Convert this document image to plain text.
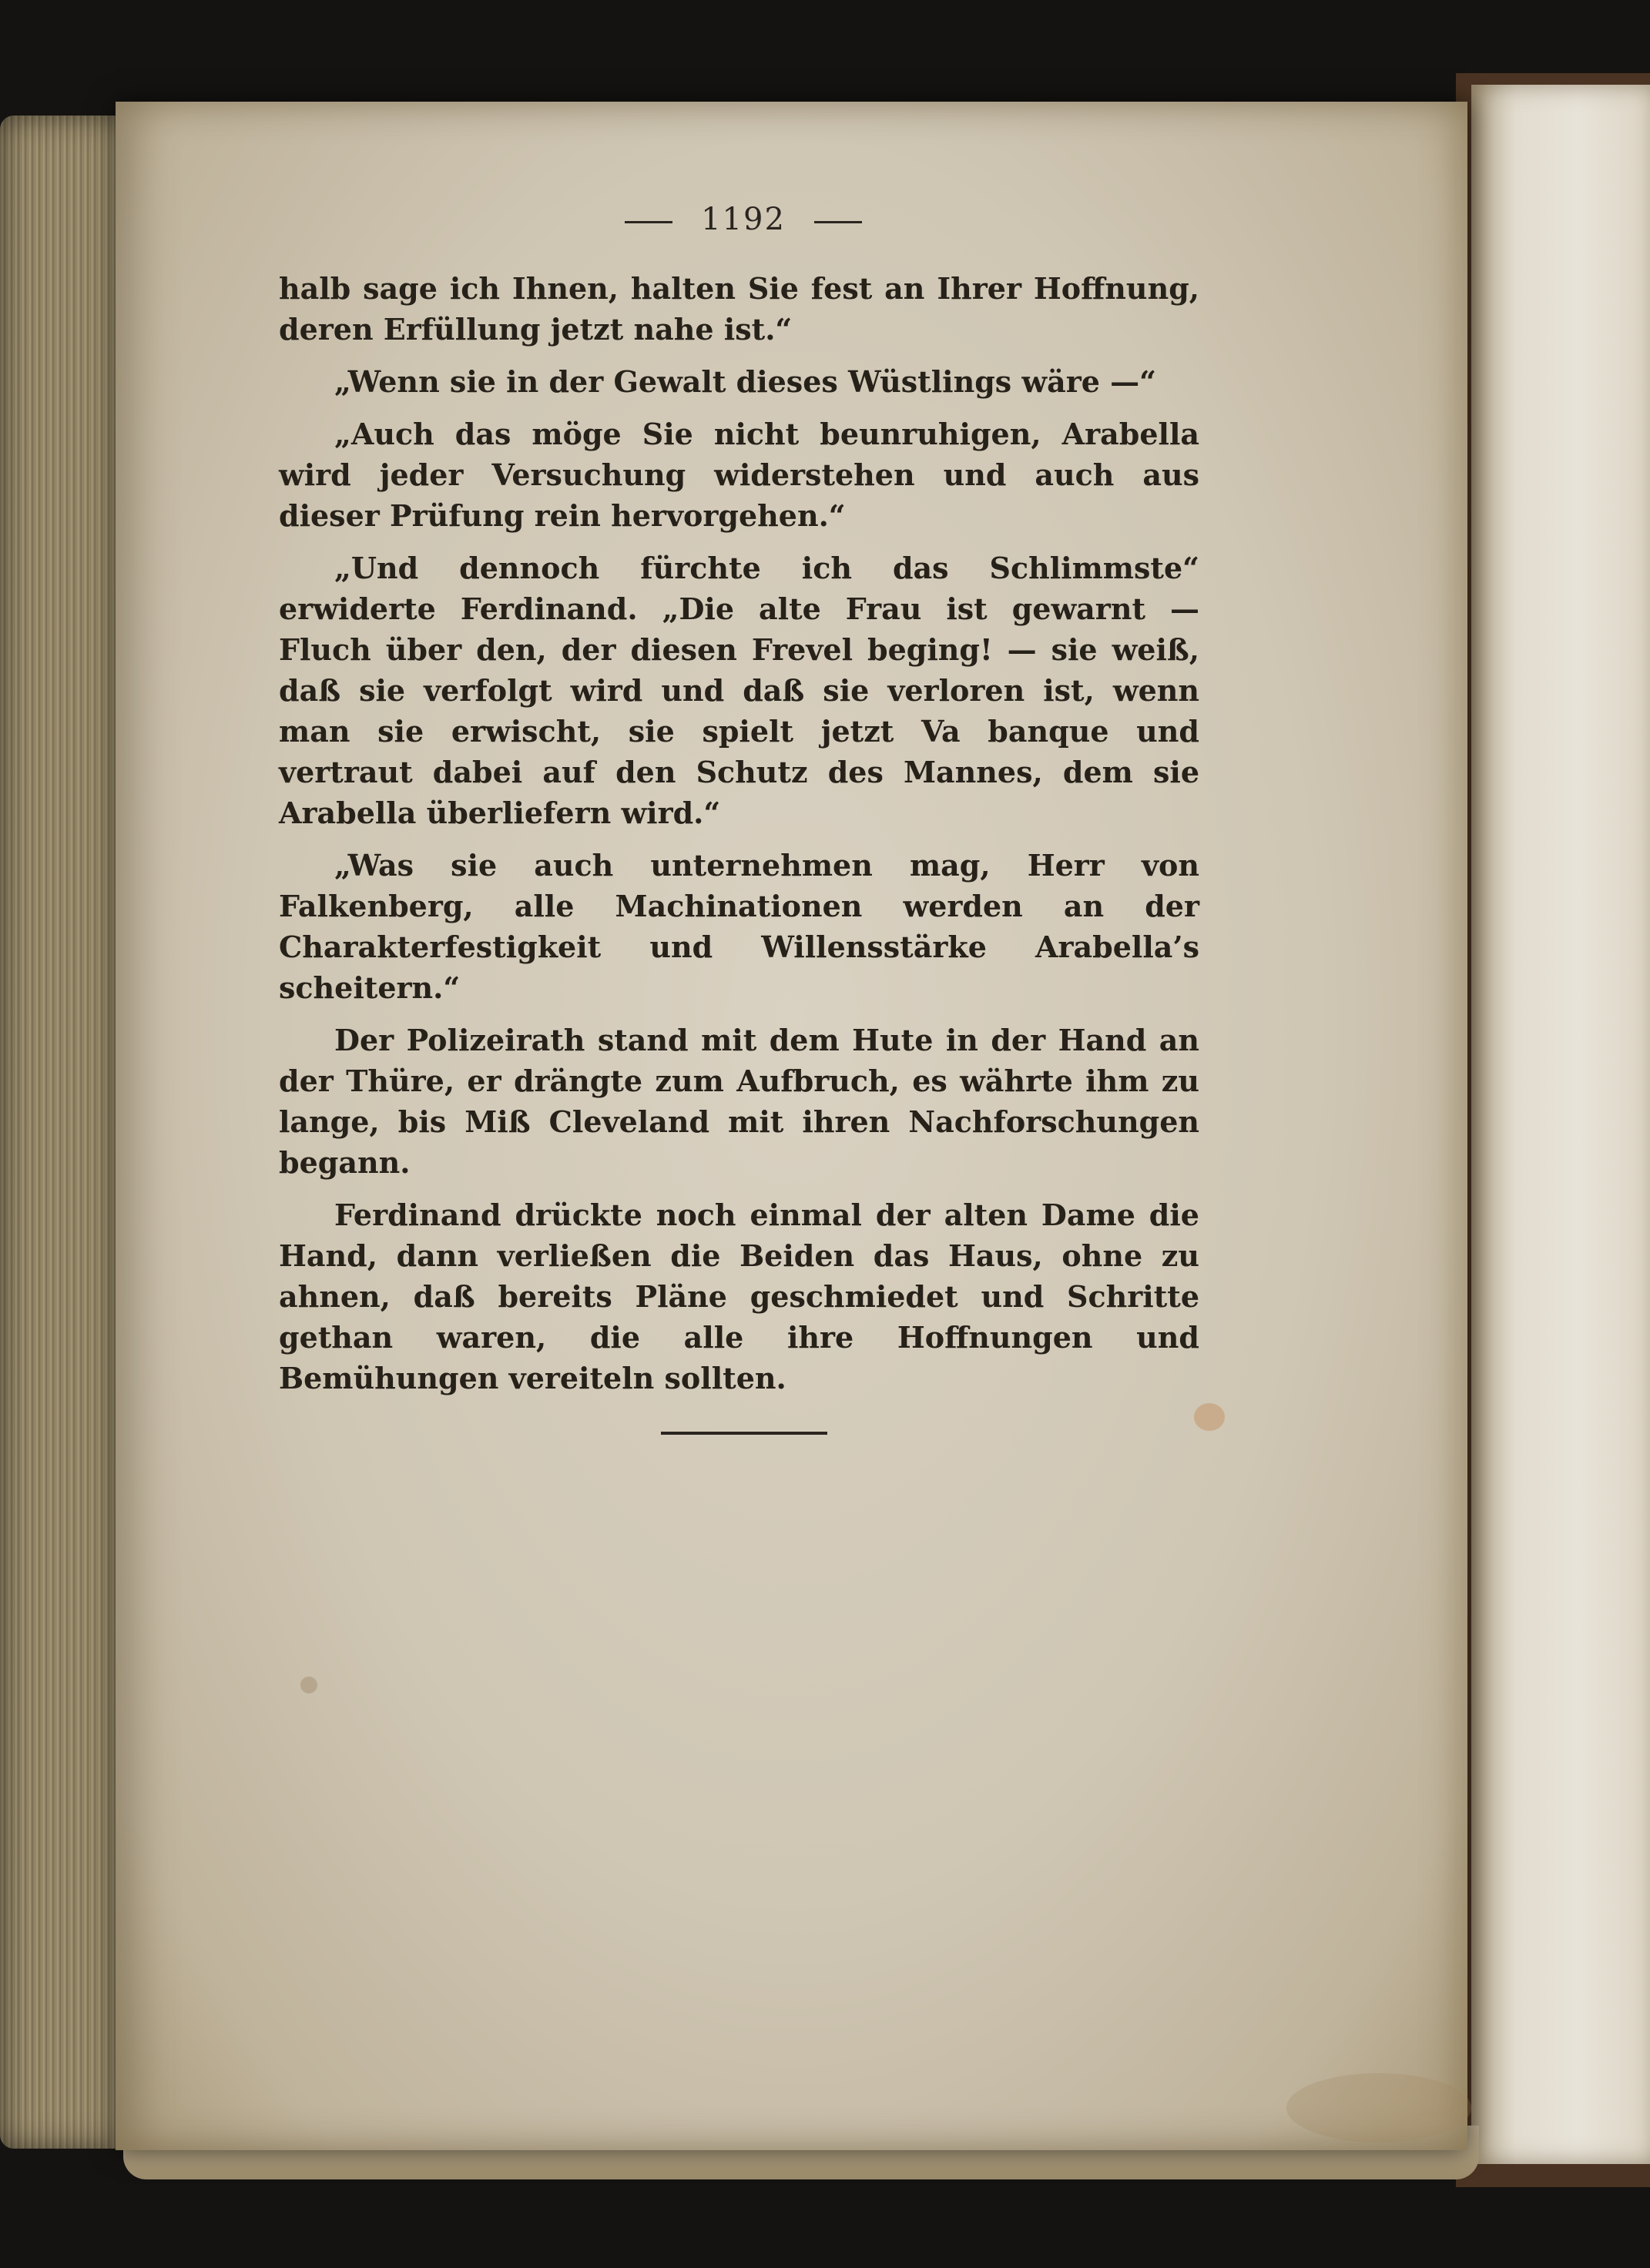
1192

halb sage ich Ihnen, halten Sie fest an Ihrer Hoffnung, deren Erfüllung jetzt nahe ist.“

„Wenn sie in der Gewalt dieses Wüstlings wäre —“

„Auch das möge Sie nicht beunruhigen, Arabella wird jeder Versuchung widerstehen und auch aus dieser Prüfung rein hervorgehen.“

„Und dennoch fürchte ich das Schlimmste“ erwiderte Ferdinand. „Die alte Frau ist gewarnt — Fluch über den, der diesen Frevel beging! — sie weiß, daß sie verfolgt wird und daß sie verloren ist, wenn man sie erwischt, sie spielt jetzt Va banque und vertraut dabei auf den Schutz des Mannes, dem sie Arabella überliefern wird.“

„Was sie auch unternehmen mag, Herr von Falkenberg, alle Machinationen werden an der Charakterfestigkeit und Willensstärke Arabella’s scheitern.“

Der Polizeirath stand mit dem Hute in der Hand an der Thüre, er drängte zum Aufbruch, es währte ihm zu lange, bis Miß Cleveland mit ihren Nachforschungen begann.

Ferdinand drückte noch einmal der alten Dame die Hand, dann verließen die Beiden das Haus, ohne zu ahnen, daß bereits Pläne geschmiedet und Schritte gethan waren, die alle ihre Hoffnungen und Bemühungen vereiteln sollten.
